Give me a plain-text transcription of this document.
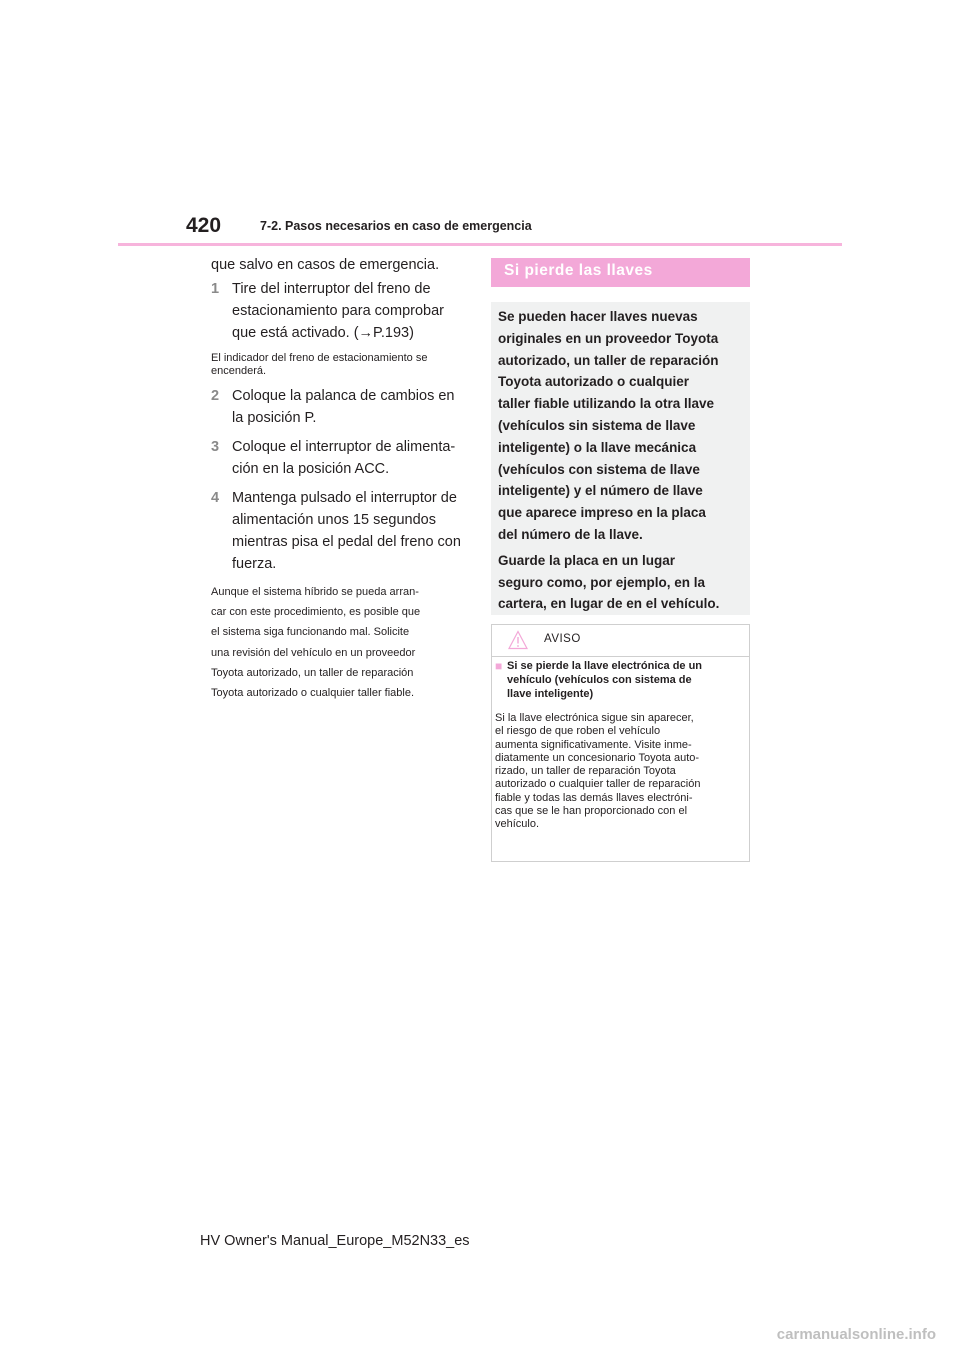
420	7-2. Pasos necesarios en caso de emergencia

que salvo en casos de emergencia.

1 Tire del interruptor del freno de
estacionamiento para comprobar
que está activado. (→P.193)

El indicador del freno de estacionamiento se

encenderá.

2 Coloque la palanca de cambios en
la posición P.
3 Coloque el interruptor de alimenta-
ción en la posición ACC.
4 Mantenga pulsado el interruptor de
alimentación unos 15 segundos
mientras pisa el pedal del freno con
fuerza.

Aunque el sistema híbrido se pueda arran-

car con este procedimiento, es posible que

el sistema siga funcionando mal. Solicite

una revisión del vehículo en un proveedor

Toyota autorizado, un taller de reparación

Toyota autorizado o cualquier taller fiable.

Si pierde las llaves
Se pueden hacer llaves nuevas
originales en un proveedor Toyota
autorizado, un taller de reparación
Toyota autorizado o cualquier
taller fiable utilizando la otra llave
(vehículos sin sistema de llave
inteligente) o la llave mecánica
(vehículos con sistema de llave
inteligente) y el número de llave
que aparece impreso en la placa
del número de la llave.
Guarde la placa en un lugar
seguro como, por ejemplo, en la
cartera, en lugar de en el vehículo.
AVISO
■ Si se pierde la llave electrónica de un
vehículo (vehículos con sistema de
llave inteligente)
Si la llave electrónica sigue sin aparecer,
el riesgo de que roben el vehículo
aumenta significativamente. Visite inme-
diatamente un concesionario Toyota auto-
rizado, un taller de reparación Toyota
autorizado o cualquier taller de reparación
fiable y todas las demás llaves electróni-
cas que se le han proporcionado con el
vehículo.
HV Owner's Manual_Europe_M52N33_es
carmanualsonline.info
